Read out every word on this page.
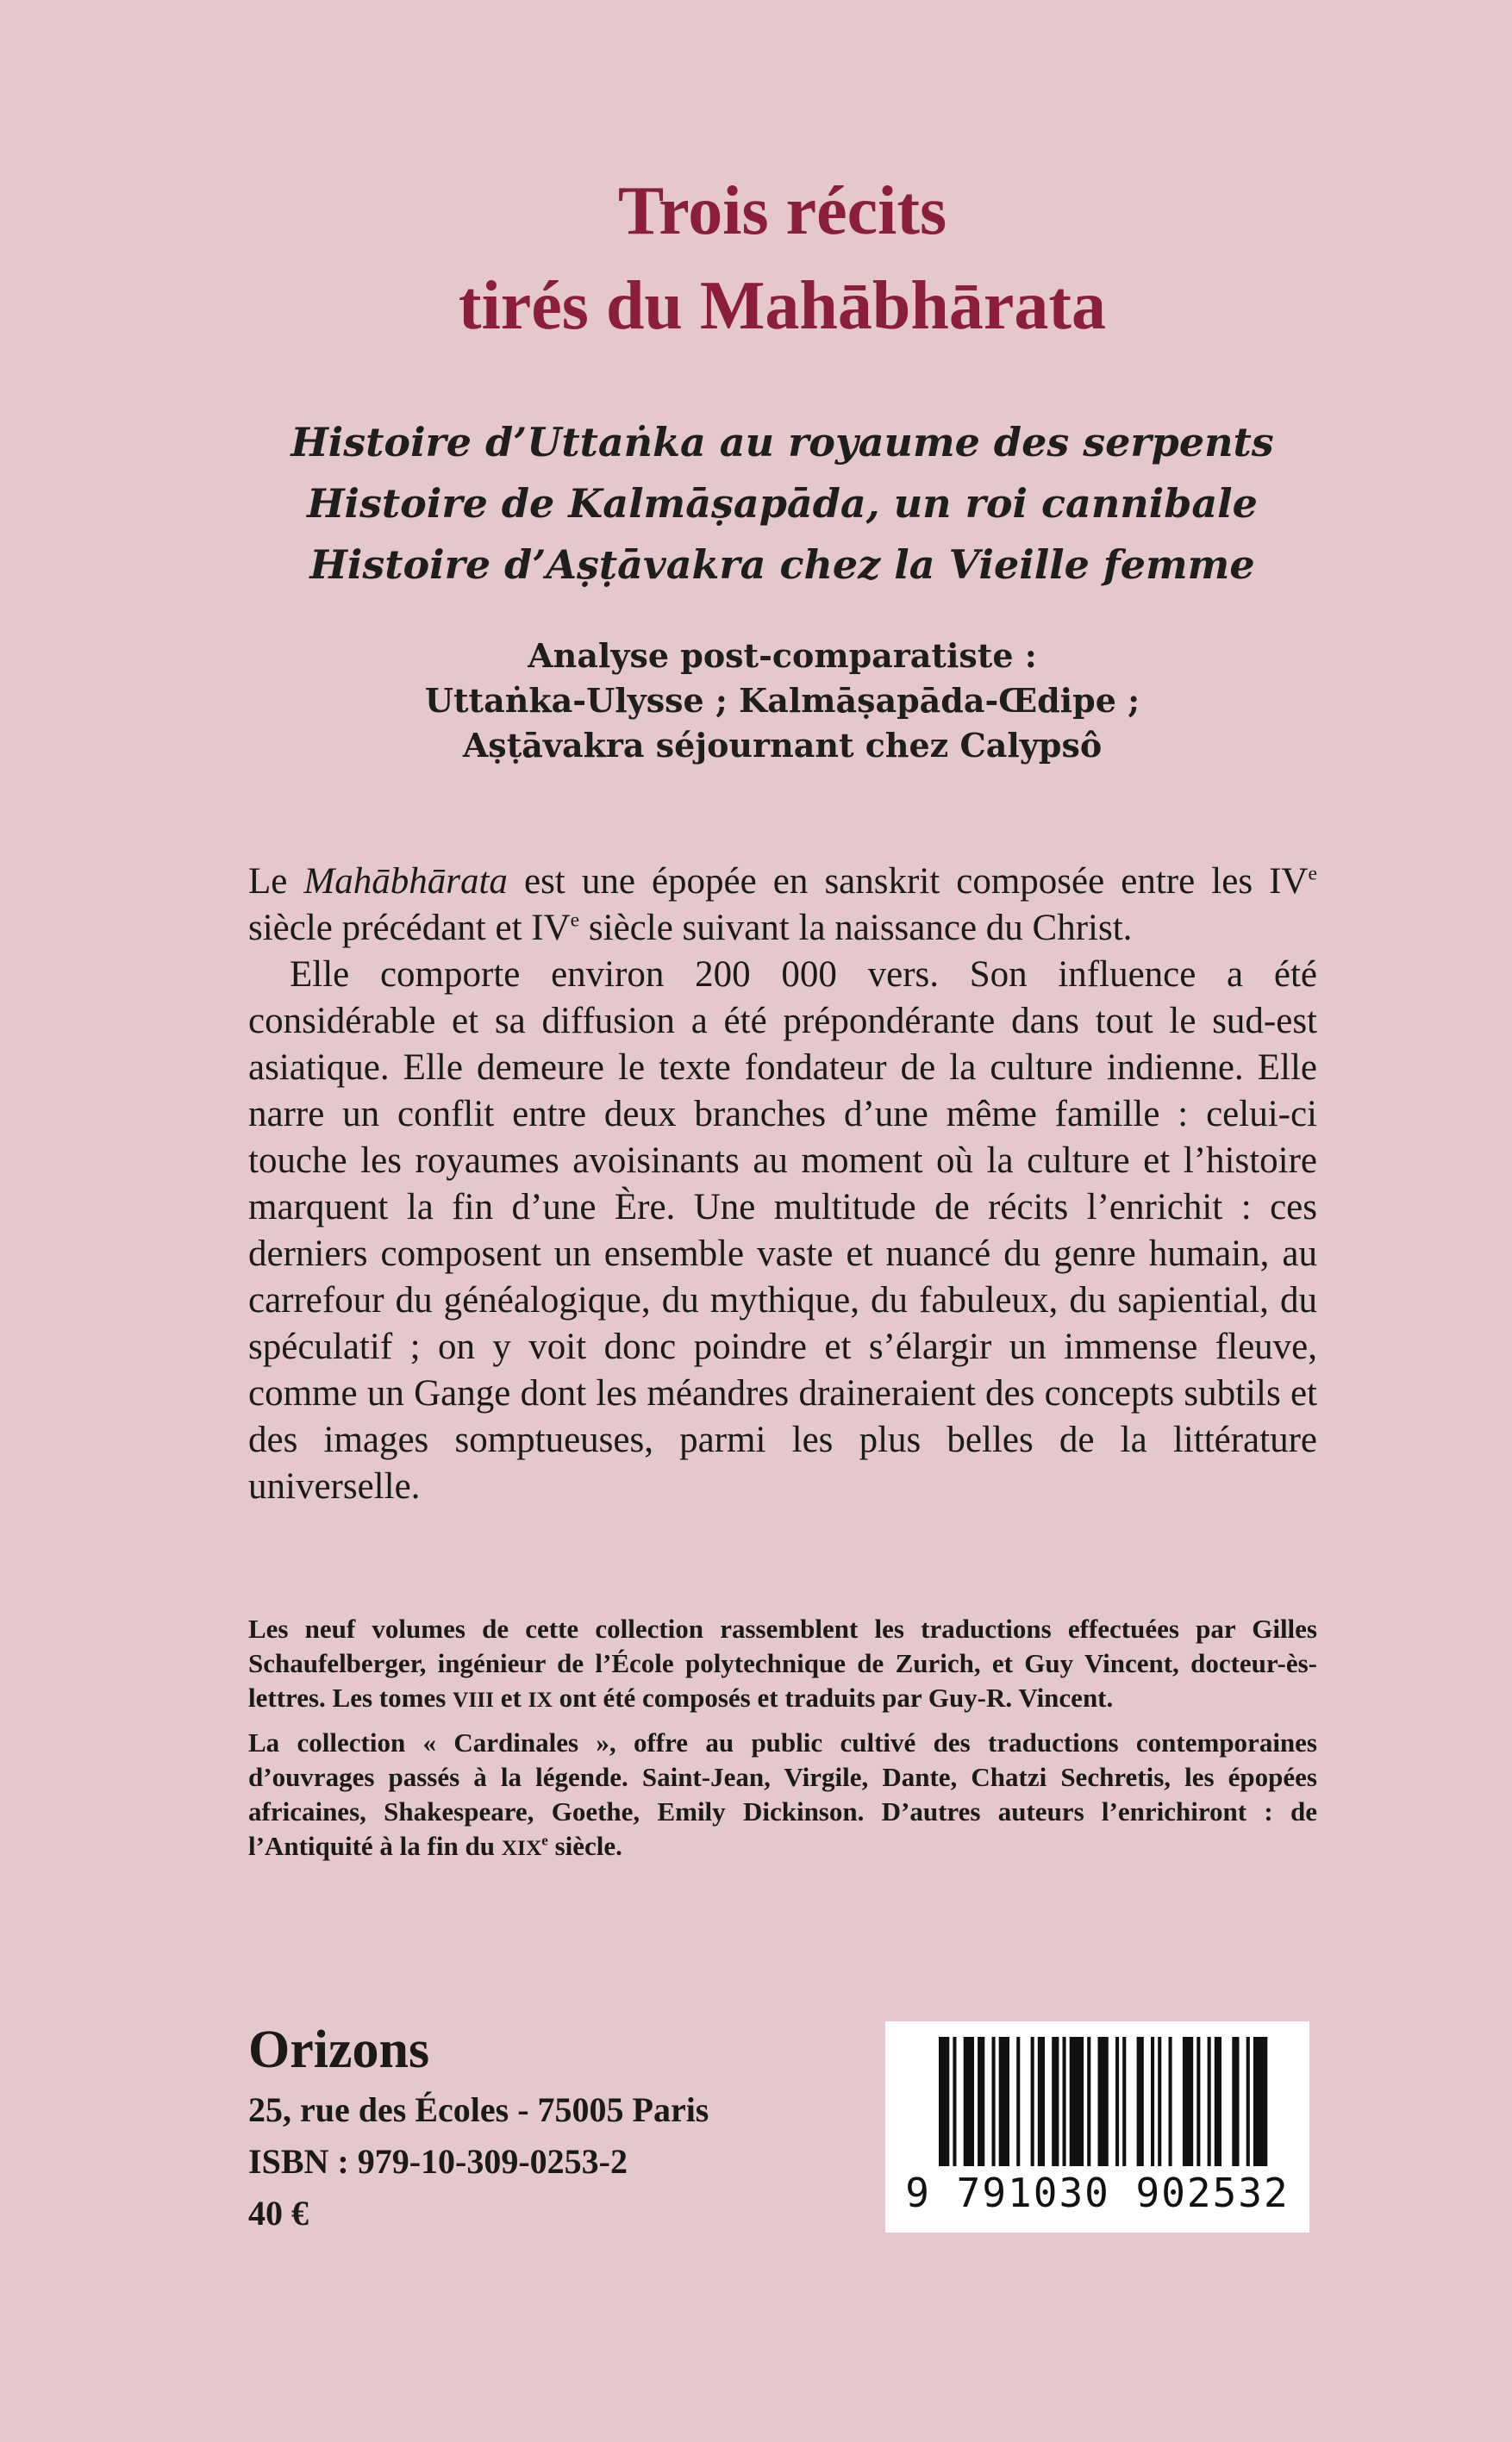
Trois récits
tirés du Mahābhārata
Histoire d’Uttaṅka au royaume des serpents
Histoire de Kalmāṣapāda, un roi cannibale
Histoire d’Aṣṭāvakra chez la Vieille femme
Analyse post-comparatiste :
Uttaṅka-Ulysse ; Kalmāṣapāda-Œdipe ;
Aṣṭāvakra séjournant chez Calypsô

Le Mahābhārata est une épopée en sanskrit composée entre les IVe siècle précédant et IVe siècle suivant la naissance du Christ.

Elle comporte environ 200 000 vers. Son influence a été considérable et sa diffusion a été prépondérante dans tout le sud-est asiatique. Elle demeure le texte fondateur de la culture indienne. Elle narre un conflit entre deux branches d’une même famille : celui-ci touche les royaumes avoisinants au moment où la culture et l’histoire marquent la fin d’une Ère. Une multitude de récits l’enrichit : ces derniers composent un ensemble vaste et nuancé du genre humain, au carrefour du généalogique, du mythique, du fabuleux, du sapiential, du spéculatif ; on y voit donc poindre et s’élargir un immense fleuve, comme un Gange dont les méandres draineraient des concepts subtils et des images somptueuses, parmi les plus belles de la littérature universelle.

Les neuf volumes de cette collection rassemblent les traductions effectuées par Gilles Schaufelberger, ingénieur de l’École polytechnique de Zurich, et Guy Vincent, docteur-ès-lettres. Les tomes VIII et IX ont été composés et traduits par Guy-R. Vincent.

La collection « Cardinales », offre au public cultivé des traductions contemporaines d’ouvrages passés à la légende. Saint-Jean, Virgile, Dante, Chatzi Sechretis, les épopées africaines, Shakespeare, Goethe, Emily Dickinson. D’autres auteurs l’enrichiront : de l’Antiquité à la fin du XIXe siècle.

Orizons
25, rue des Écoles - 75005 Paris
ISBN : 979-10-309-0253-2
40 €	9 791030 902532
